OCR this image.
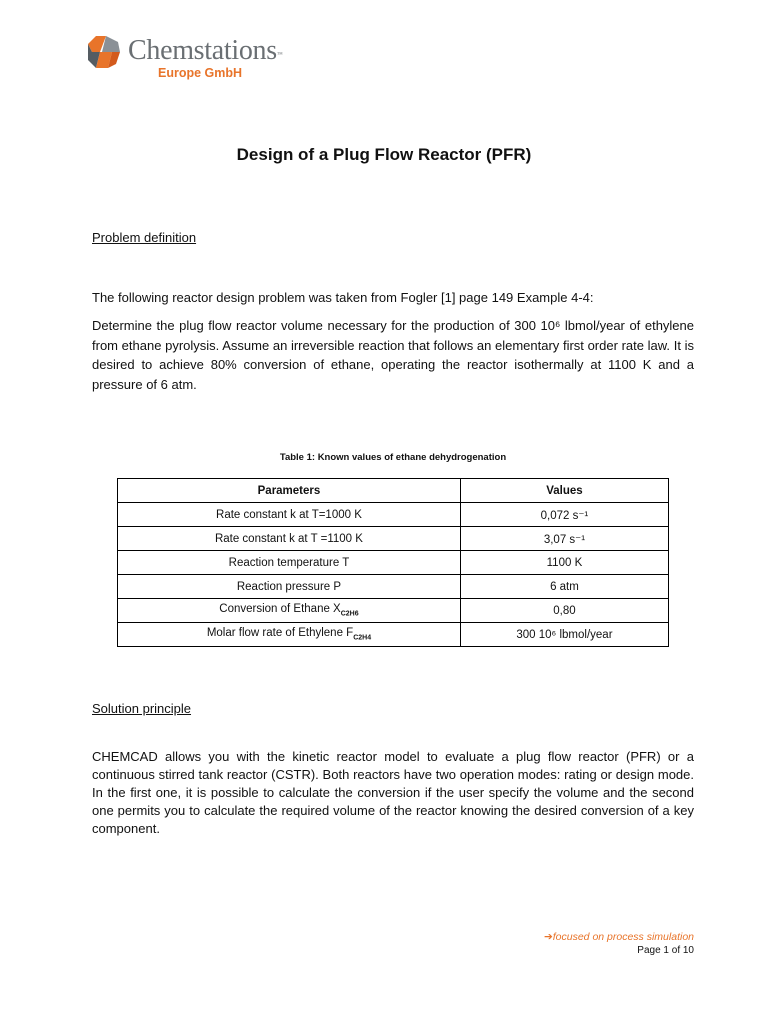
Chemstations™
Europe GmbH
Design of a Plug Flow Reactor (PFR)
Problem definition

The following reactor design problem was taken from Fogler [1] page 149 Example 4-4:

Determine the plug flow reactor volume necessary for the production of 300 10⁶ lbmol/year of ethylene from ethane pyrolysis. Assume an irreversible reaction that follows an elementary first order rate law. It is desired to achieve 80% conversion of ethane, operating the reactor isothermally at 1100 K and a pressure of 6 atm.

Table 1: Known values of ethane dehydrogenation
Parameters	Values
Rate constant k at T=1000 K	0,072 s⁻¹
Rate constant k at T =1100 K	3,07 s⁻¹
Reaction temperature T	1100 K
Reaction pressure P	6 atm
Conversion of Ethane $X_{C2H6}$	0,80
Molar flow rate of Ethylene $F_{C2H4}$	300 10⁶ lbmol/year
Solution principle

CHEMCAD allows you with the kinetic reactor model to evaluate a plug flow reactor (PFR) or a continuous stirred tank reactor (CSTR). Both reactors have two operation modes: rating or design mode. In the first one, it is possible to calculate the conversion if the user specify the volume and the second one permits you to calculate the required volume of the reactor knowing the desired conversion of a key component.

➔focused on process simulation
Page 1 of 10
